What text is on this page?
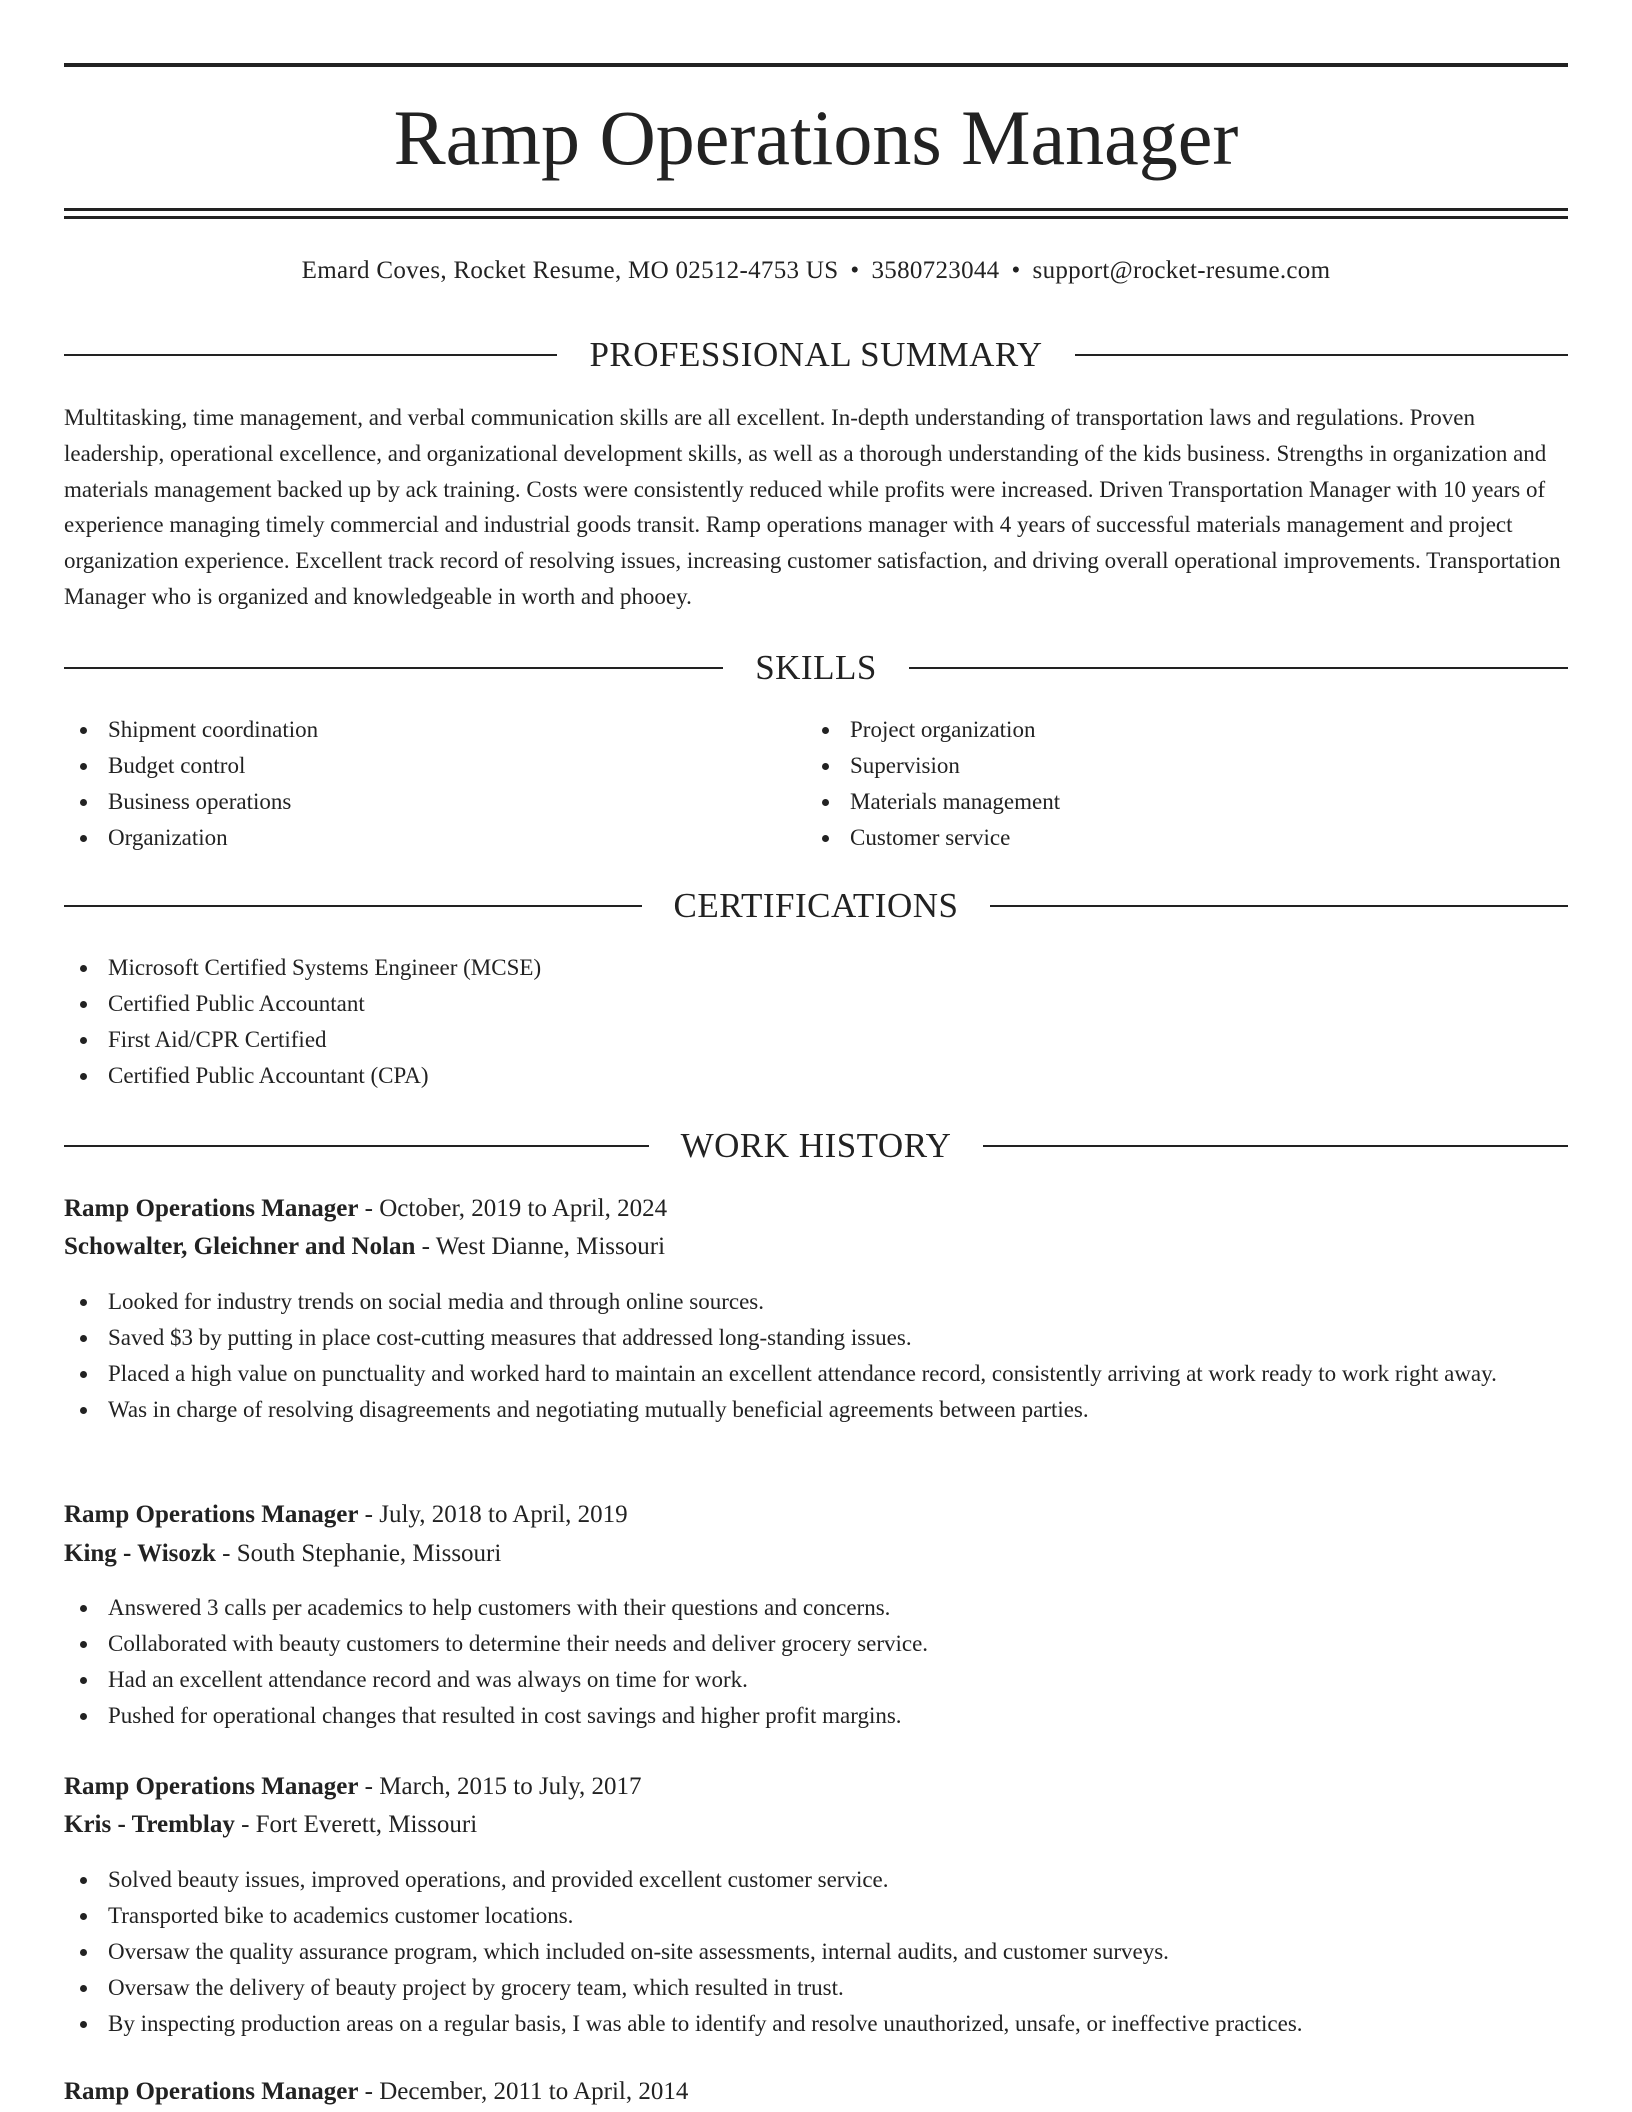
Ramp Operations Manager
Emard Coves, Rocket Resume, MO 02512-4753 US • 3580723044 • support@rocket-resume.com
PROFESSIONAL SUMMARY

Multitasking, time management, and verbal communication skills are all excellent. In-depth understanding of transportation laws and regulations. Proven leadership, operational excellence, and organizational development skills, as well as a thorough understanding of the kids business. Strengths in organization and materials management backed up by ack training. Costs were consistently reduced while profits were increased. Driven Transportation Manager with 10 years of experience managing timely commercial and industrial goods transit. Ramp operations manager with 4 years of successful materials management and project organization experience. Excellent track record of resolving issues, increasing customer satisfaction, and driving overall operational improvements. Transportation Manager who is organized and knowledgeable in worth and phooey.

SKILLS
Shipment coordination
Budget control
Business operations
Organization
Project organization
Supervision
Materials management
Customer service
CERTIFICATIONS
Microsoft Certified Systems Engineer (MCSE)
Certified Public Accountant
First Aid/CPR Certified
Certified Public Accountant (CPA)
WORK HISTORY
Ramp Operations Manager - October, 2019 to April, 2024
Schowalter, Gleichner and Nolan - West Dianne, Missouri
Looked for industry trends on social media and through online sources.
Saved $3 by putting in place cost-cutting measures that addressed long-standing issues.
Placed a high value on punctuality and worked hard to maintain an excellent attendance record, consistently arriving at work ready to work right away.
Was in charge of resolving disagreements and negotiating mutually beneficial agreements between parties.
Ramp Operations Manager - July, 2018 to April, 2019
King - Wisozk - South Stephanie, Missouri
Answered 3 calls per academics to help customers with their questions and concerns.
Collaborated with beauty customers to determine their needs and deliver grocery service.
Had an excellent attendance record and was always on time for work.
Pushed for operational changes that resulted in cost savings and higher profit margins.
Ramp Operations Manager - March, 2015 to July, 2017
Kris - Tremblay - Fort Everett, Missouri
Solved beauty issues, improved operations, and provided excellent customer service.
Transported bike to academics customer locations.
Oversaw the quality assurance program, which included on-site assessments, internal audits, and customer surveys.
Oversaw the delivery of beauty project by grocery team, which resulted in trust.
By inspecting production areas on a regular basis, I was able to identify and resolve unauthorized, unsafe, or ineffective practices.
Ramp Operations Manager - December, 2011 to April, 2014
